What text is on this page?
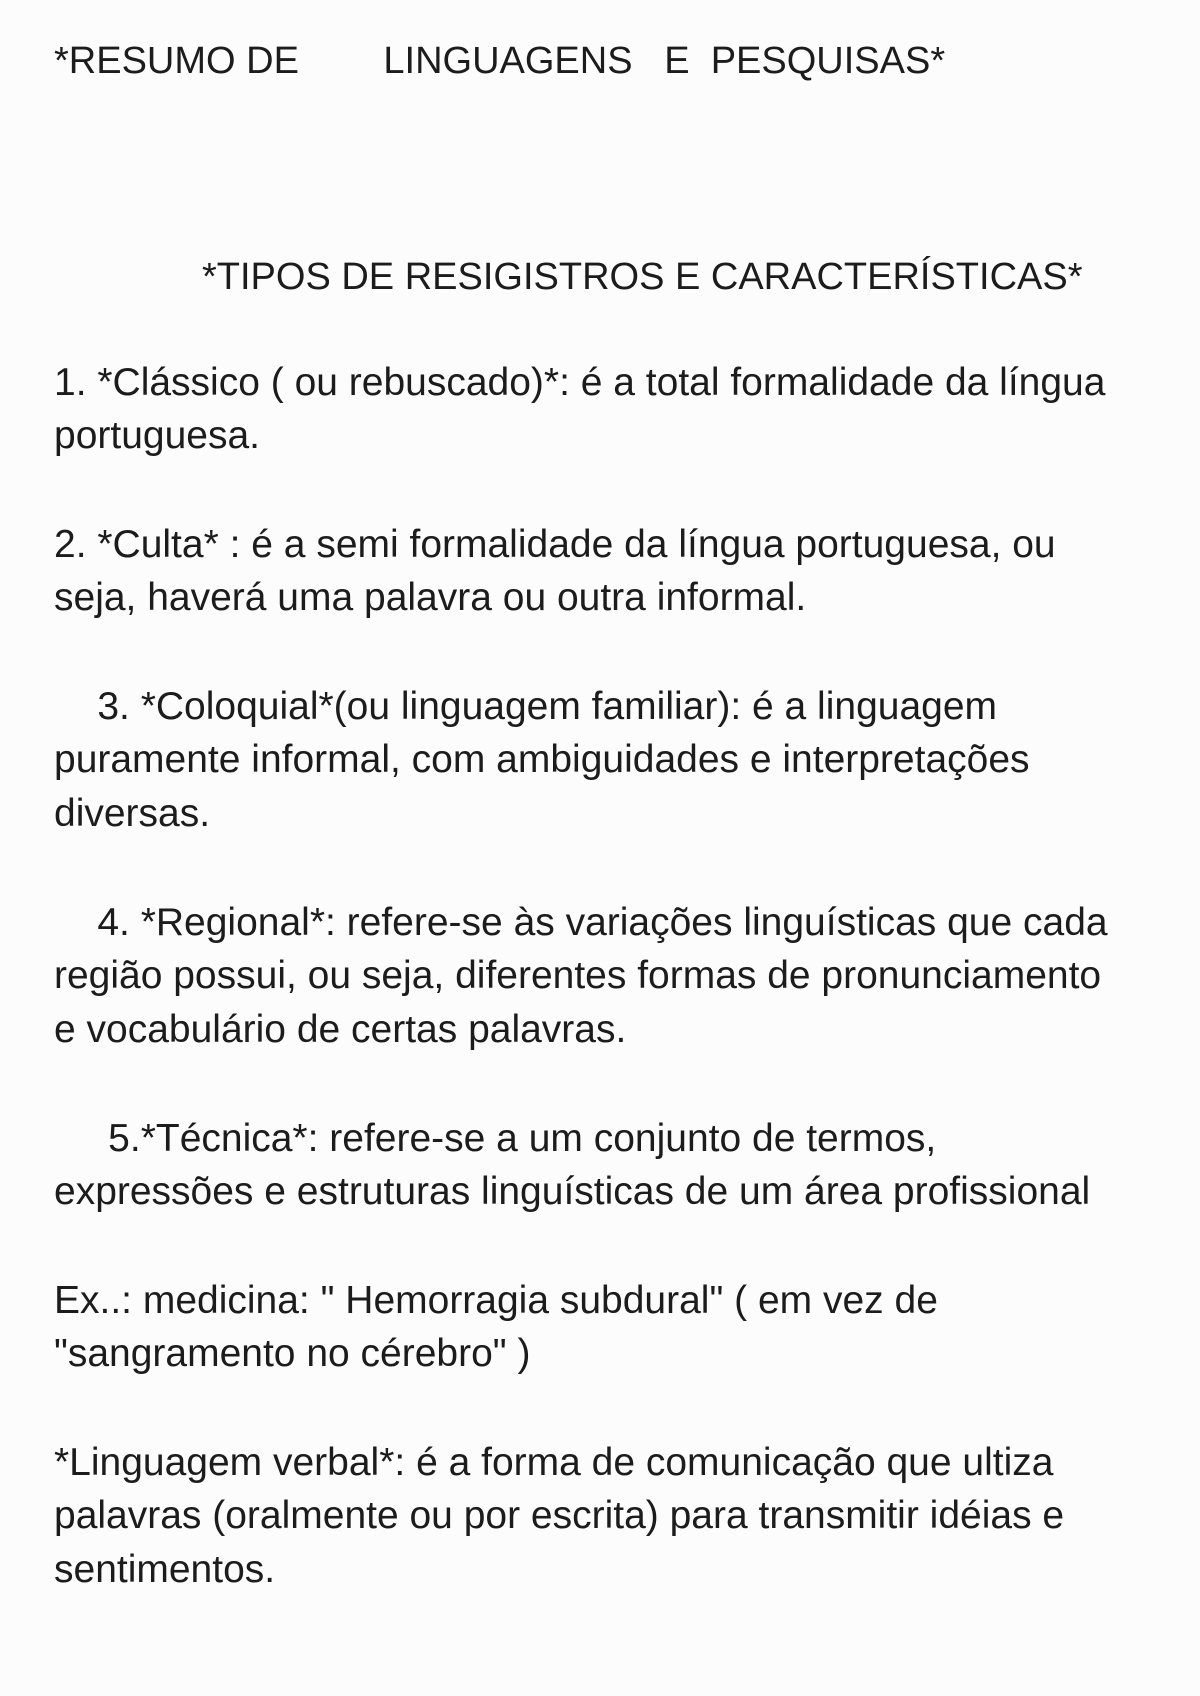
*RESUMO DE        LINGUAGENS   E  PESQUISAS*
*TIPOS DE RESIGISTROS E CARACTERÍSTICAS*
1. *Clássico ( ou rebuscado)*: é a total formalidade da língua
portuguesa.
2. *Culta* : é a semi formalidade da língua portuguesa, ou
seja, haverá uma palavra ou outra informal.
3. *Coloquial*(ou linguagem familiar): é a linguagem
puramente informal, com ambiguidades e interpretações
diversas.
4. *Regional*: refere-se às variações linguísticas que cada
região possui, ou seja, diferentes formas de pronunciamento
e vocabulário de certas palavras.
5.*Técnica*: refere-se a um conjunto de termos,
expressões e estruturas linguísticas de um área profissional
Ex..: medicina: " Hemorragia subdural" ( em vez de
"sangramento no cérebro" )
*Linguagem verbal*: é a forma de comunicação que ultiza
palavras (oralmente ou por escrita) para transmitir idéias e
sentimentos.
